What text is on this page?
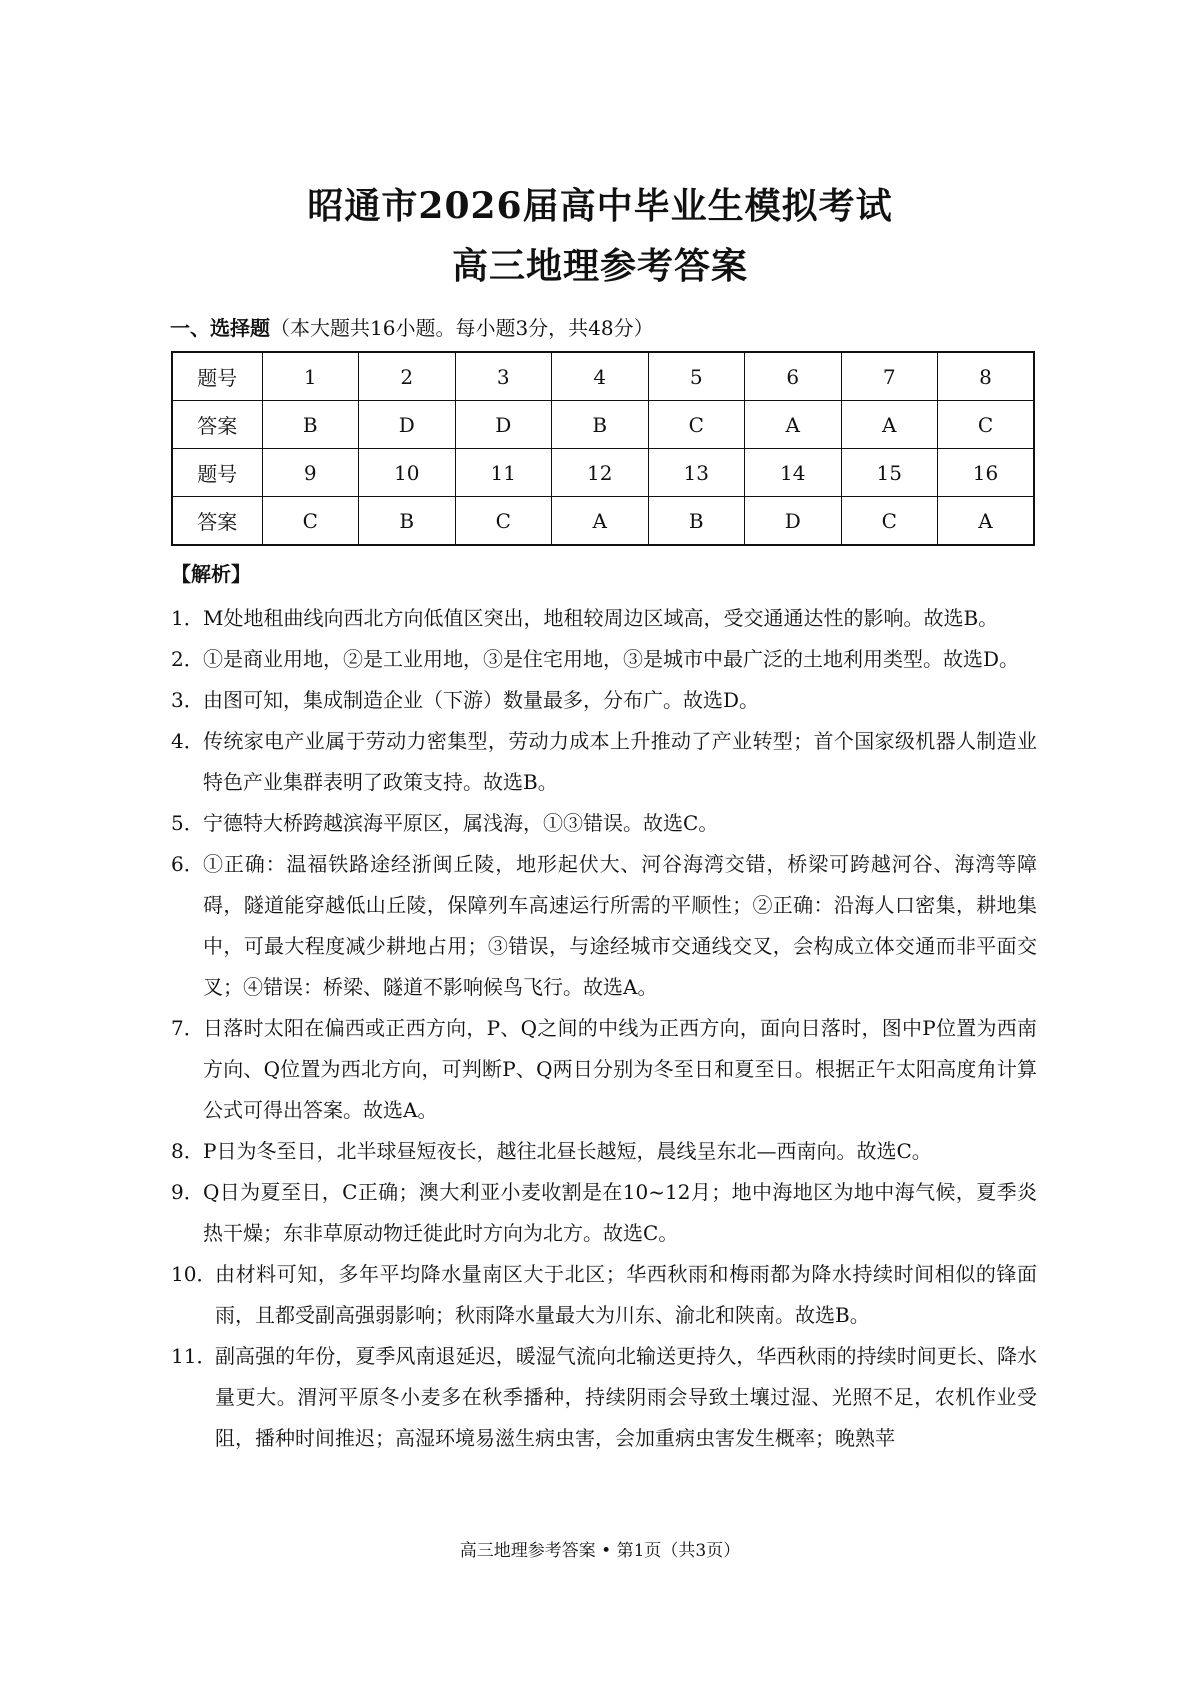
昭通市2026届高中毕业生模拟考试
高三地理参考答案

一、选择题（本大题共16小题。每小题3分，共48分）

题号	1	2	3	4	5	6	7	8
答案	B	D	D	B	C	A	A	C
题号	9	10	11	12	13	14	15	16
答案	C	B	C	A	B	D	C	A

【解析】

1． M处地租曲线向西北方向低值区突出，地租较周边区域高，受交通通达性的影响。故选B。
2． ①是商业用地，②是工业用地，③是住宅用地，③是城市中最广泛的土地利用类型。故选D。
3． 由图可知，集成制造企业（下游）数量最多，分布广。故选D。
4． 传统家电产业属于劳动力密集型，劳动力成本上升推动了产业转型；首个国家级机器人制造业特色产业集群表明了政策支持。故选B。
5． 宁德特大桥跨越滨海平原区，属浅海，①③错误。故选C。
6． ①正确：温福铁路途经浙闽丘陵，地形起伏大、河谷海湾交错，桥梁可跨越河谷、海湾等障碍，隧道能穿越低山丘陵，保障列车高速运行所需的平顺性；②正确：沿海人口密集，耕地集中，可最大程度减少耕地占用；③错误，与途经城市交通线交叉，会构成立体交通而非平面交叉；④错误：桥梁、隧道不影响候鸟飞行。故选A。
7． 日落时太阳在偏西或正西方向，P、Q之间的中线为正西方向，面向日落时，图中P位置为西南方向、Q位置为西北方向，可判断P、Q两日分别为冬至日和夏至日。根据正午太阳高度角计算公式可得出答案。故选A。
8． P日为冬至日，北半球昼短夜长，越往北昼长越短，晨线呈东北—西南向。故选C。
9． Q日为夏至日，C正确；澳大利亚小麦收割是在10~12月；地中海地区为地中海气候，夏季炎热干燥；东非草原动物迁徙此时方向为北方。故选C。
10．
由材料可知，多年平均降水量南区大于北区；华西秋雨和梅雨都为降水持续时间相似的锋面雨，且都受副高强弱影响；秋雨降水量最大为川东、渝北和陕南。故选B。
11．
副高强的年份，夏季风南退延迟，暖湿气流向北输送更持久，华西秋雨的持续时间更长、降水量更大。渭河平原冬小麦多在秋季播种，持续阴雨会导致土壤过湿、光照不足，农机作业受阻，播种时间推迟；高湿环境易滋生病虫害，会加重病虫害发生概率；晚熟苹

高三地理参考答案 • 第1页（共3页）
